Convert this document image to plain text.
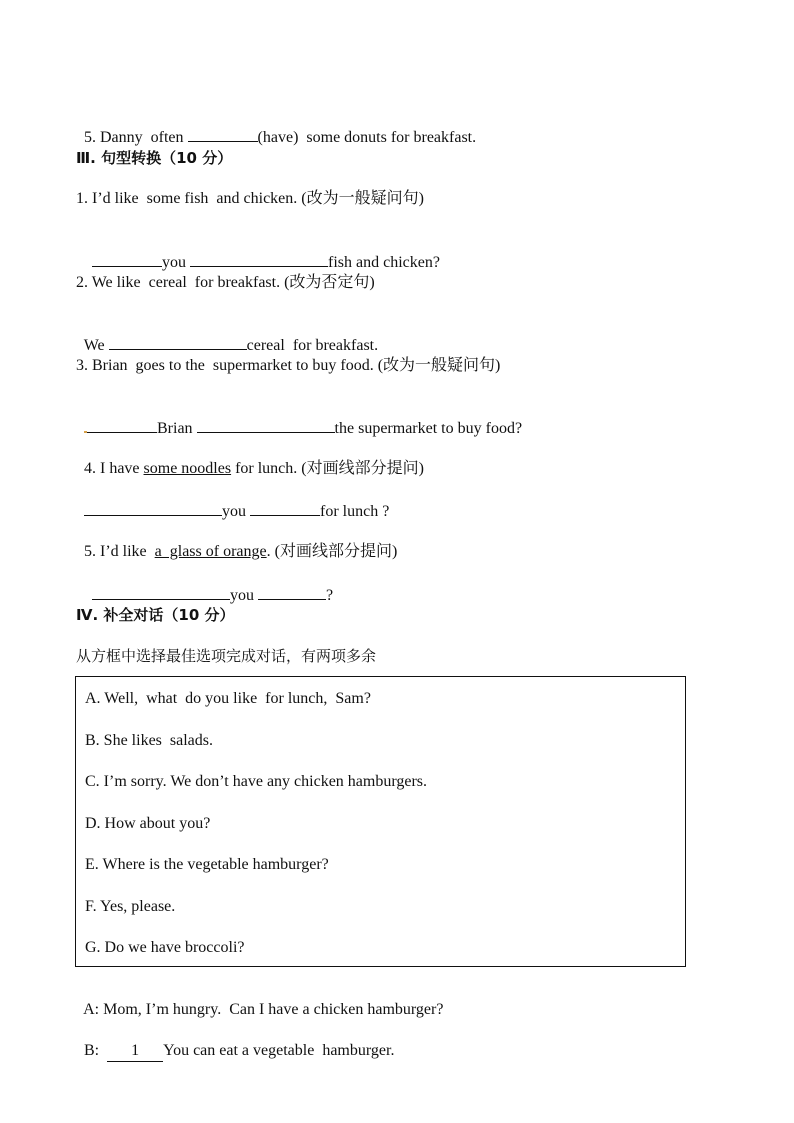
5. Danny  often	(have)  some donuts for breakfast.

Ⅲ. 句型转换（10 分）
1. I’d like  some fish  and chicken. (改为一般疑问句)

you	fish and chicken?

2. We like  cereal  for breakfast. (改为否定句)

We	cereal  for breakfast.

3. Brian  goes to the  supermarket to buy food. (改为一般疑问句)

Brian	the supermarket to buy food?

4. I have some noodles for lunch. (对画线部分提问)

you	for lunch ?

5. I’d like  a  glass of orange. (对画线部分提问)

you	?

Ⅳ. 补全对话（10 分）
从方框中选择最佳选项完成对话，有两项多余
A. Well,  what  do you like  for lunch,  Sam?
B. She likes  salads.
C. I’m sorry. We don’t have any chicken hamburgers.
D. How about you?
E. Where is the vegetable hamburger?
F. Yes, please.
G. Do we have broccoli?

A: Mom, I’m hungry.  Can I have a chicken hamburger?

B: 1 You can eat a vegetable  hamburger.
